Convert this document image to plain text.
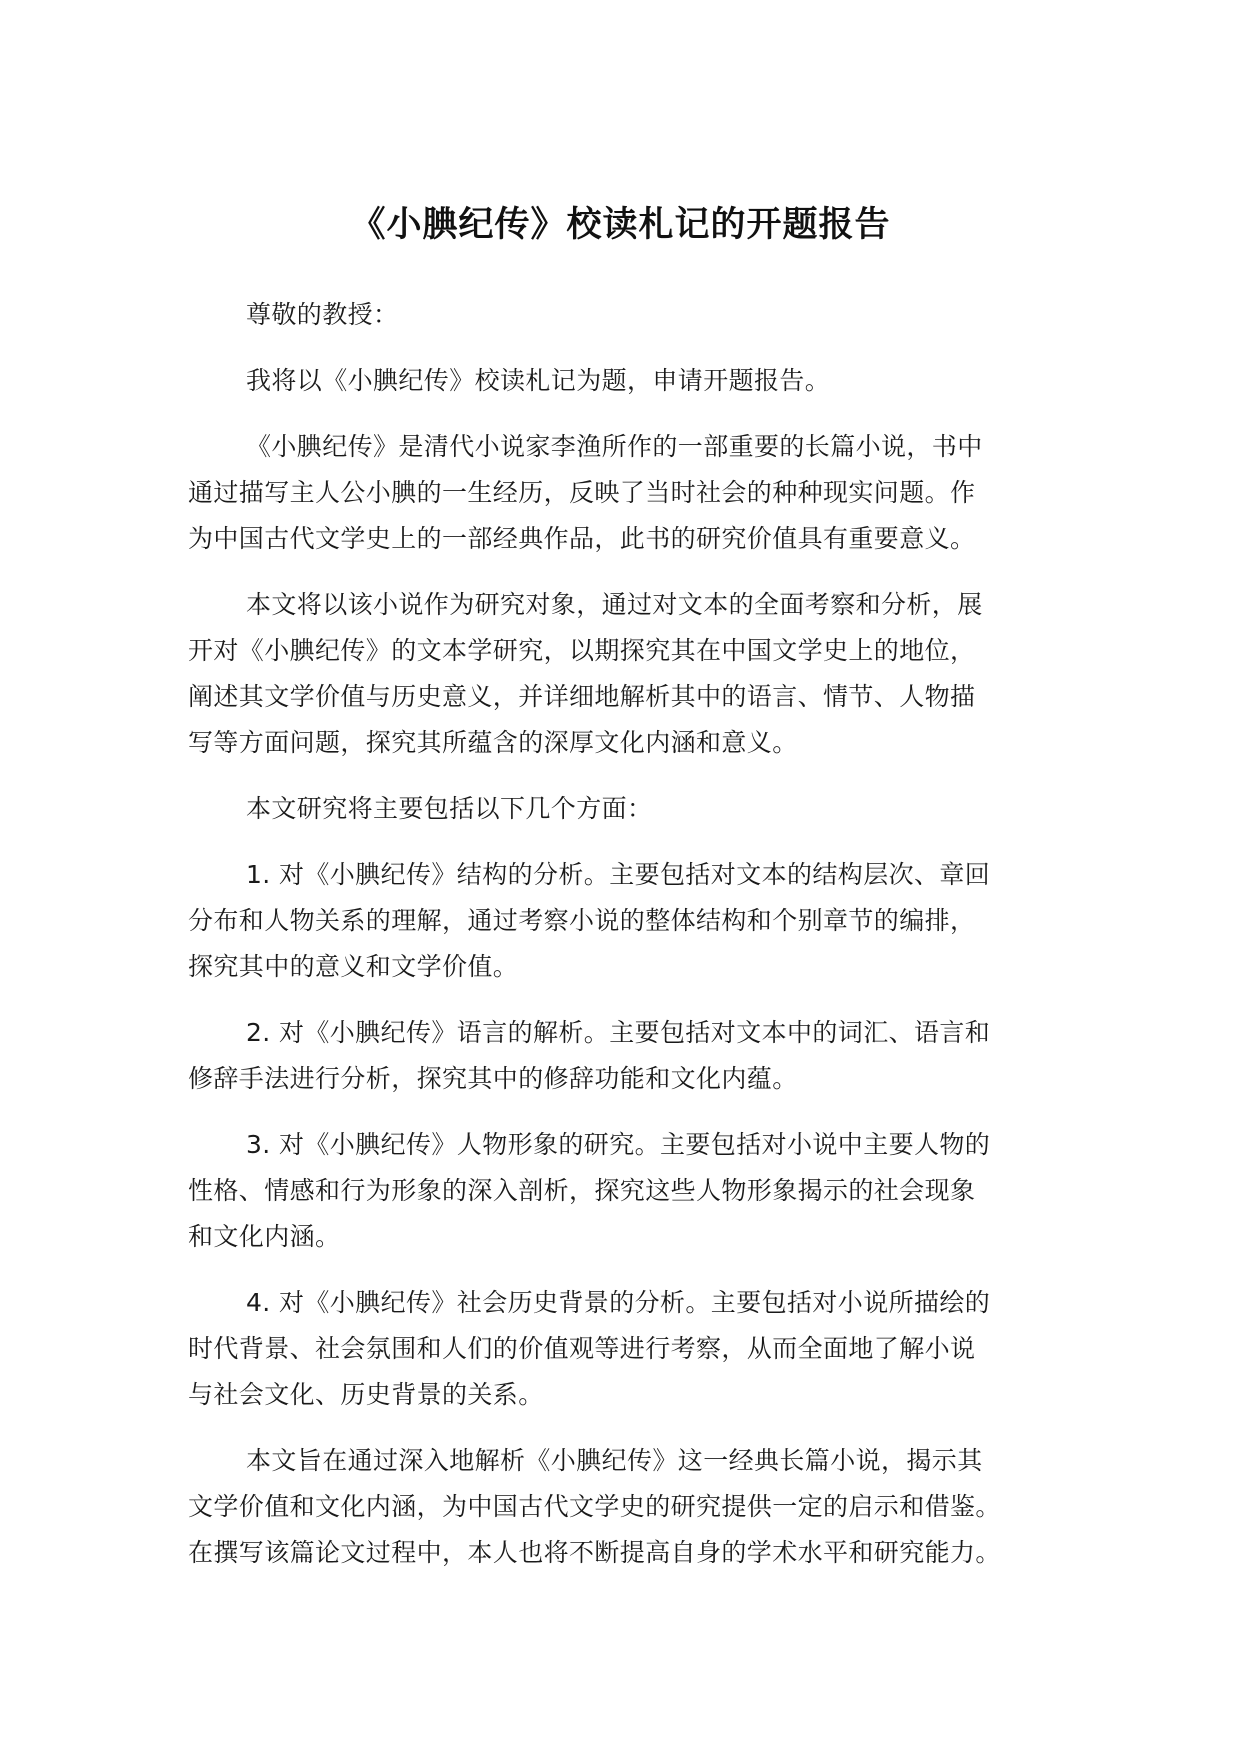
《小腆纪传》校读札记的开题报告

尊敬的教授：

我将以《小腆纪传》校读札记为题，申请开题报告。

《小腆纪传》是清代小说家李渔所作的一部重要的长篇小说，书中
通过描写主人公小腆的一生经历，反映了当时社会的种种现实问题。作
为中国古代文学史上的一部经典作品，此书的研究价值具有重要意义。

本文将以该小说作为研究对象，通过对文本的全面考察和分析，展
开对《小腆纪传》的文本学研究，以期探究其在中国文学史上的地位，
阐述其文学价值与历史意义，并详细地解析其中的语言、情节、人物描
写等方面问题，探究其所蕴含的深厚文化内涵和意义。

本文研究将主要包括以下几个方面：

1. 对《小腆纪传》结构的分析。主要包括对文本的结构层次、章回
分布和人物关系的理解，通过考察小说的整体结构和个别章节的编排，
探究其中的意义和文学价值。

2. 对《小腆纪传》语言的解析。主要包括对文本中的词汇、语言和
修辞手法进行分析，探究其中的修辞功能和文化内蕴。

3. 对《小腆纪传》人物形象的研究。主要包括对小说中主要人物的
性格、情感和行为形象的深入剖析，探究这些人物形象揭示的社会现象
和文化内涵。

4. 对《小腆纪传》社会历史背景的分析。主要包括对小说所描绘的
时代背景、社会氛围和人们的价值观等进行考察，从而全面地了解小说
与社会文化、历史背景的关系。

本文旨在通过深入地解析《小腆纪传》这一经典长篇小说，揭示其
文学价值和文化内涵，为中国古代文学史的研究提供一定的启示和借鉴。
在撰写该篇论文过程中，本人也将不断提高自身的学术水平和研究能力。
